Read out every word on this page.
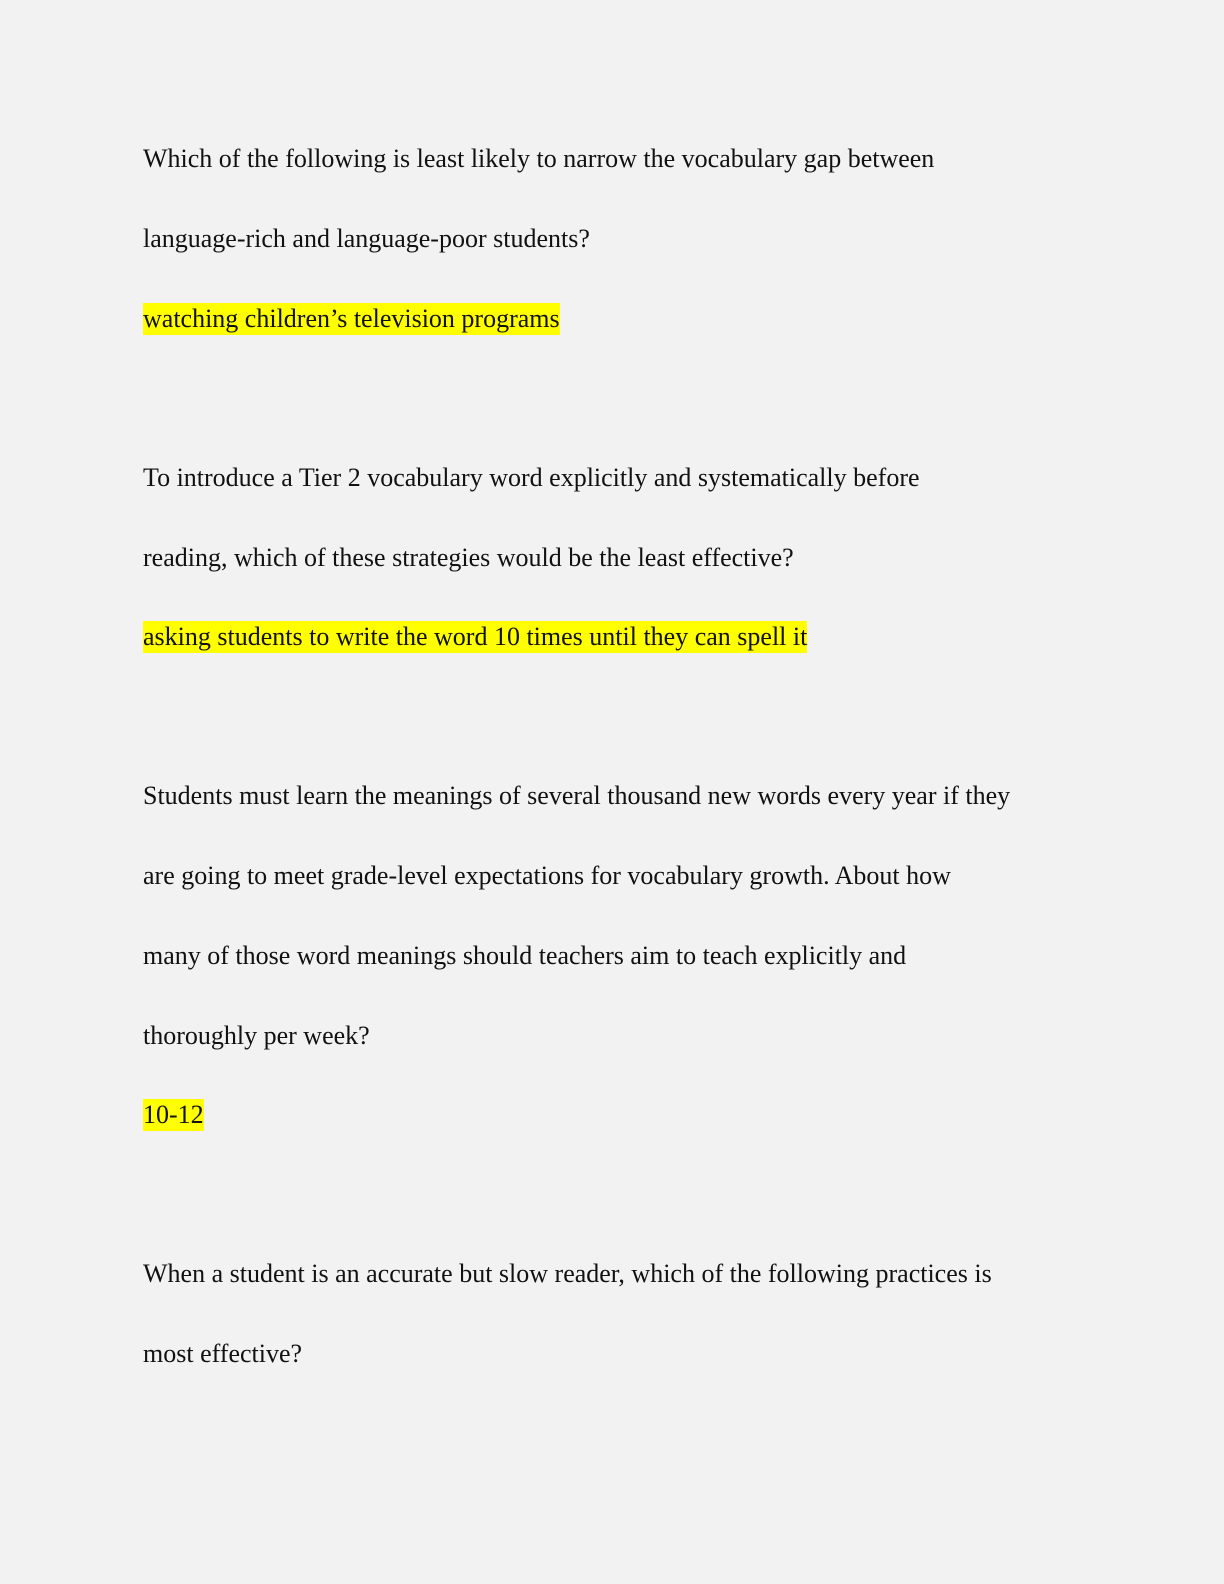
Which of the following is least likely to narrow the vocabulary gap between
language-rich and language-poor students?
watching children’s television programs
To introduce a Tier 2 vocabulary word explicitly and systematically before
reading, which of these strategies would be the least effective?
asking students to write the word 10 times until they can spell it
Students must learn the meanings of several thousand new words every year if they
are going to meet grade-level expectations for vocabulary growth. About how
many of those word meanings should teachers aim to teach explicitly and
thoroughly per week?
10-12
When a student is an accurate but slow reader, which of the following practices is
most effective?
